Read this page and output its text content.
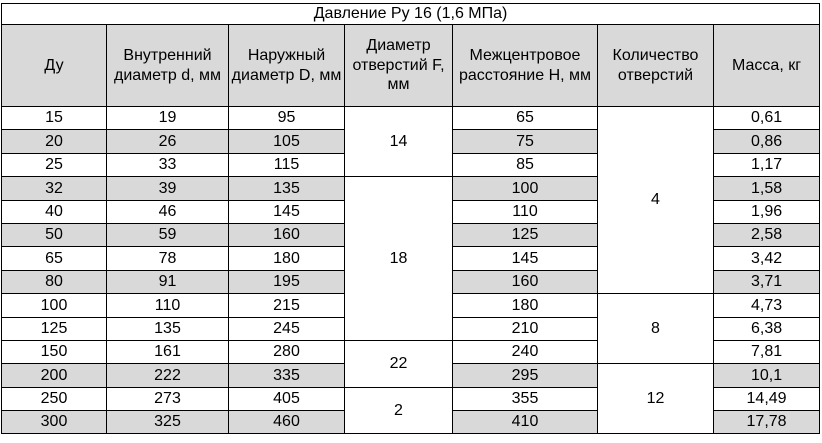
Давление Ру 16 (1,6 МПа)						
Ду	Внутренний диаметр d, мм	Наружный диаметр D, мм	Диаметр отверстий F, мм	Межцентровое расстояние H, мм	Количество отверстий	Масса, кг
15	19	95	14	65	4	0,61
20	26	105		75		0,86
25	33	115		85		1,17
32	39	135	18	100		1,58
40	46	145		110		1,96
50	59	160		125		2,58
65	78	180		145		3,42
80	91	195		160		3,71
100	110	215		180	8	4,73
125	135	245		210		6,38
150	161	280	22	240		7,81
200	222	335		295	12	10,1
250	273	405	2	355		14,49
300	325	460		410		17,78
